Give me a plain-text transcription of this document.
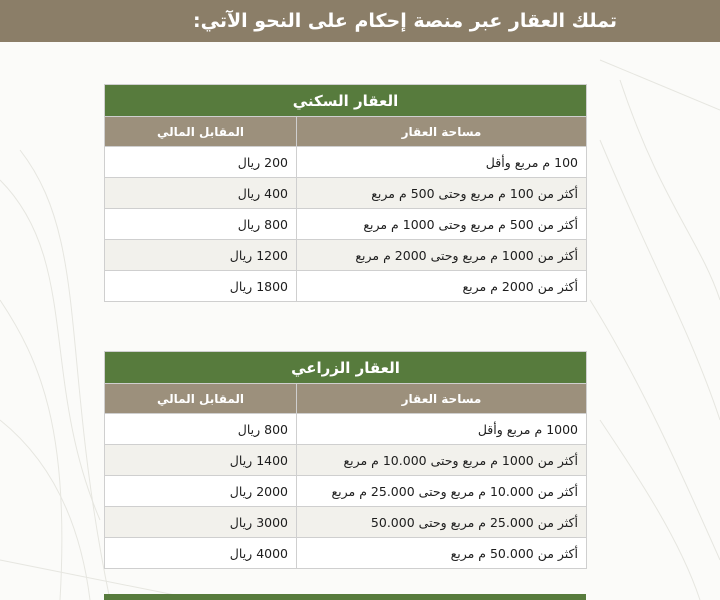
تملك العقار عبر منصة إحكام على النحو الآتي:
العقار السكني	
مساحة العقار	المقابل المالي
100 م مربع وأقل	200 ريال
أكثر من 100 م مربع وحتى 500 م مربع	400 ريال
أكثر من 500 م مربع وحتى 1000 م مربع	800 ريال
أكثر من 1000 م مربع وحتى 2000 م مربع	1200 ريال
أكثر من 2000 م مربع	1800 ريال
العقار الزراعي	
مساحة العقار	المقابل المالي
1000 م مربع وأقل	800 ريال
أكثر من 1000 م مربع وحتى 10.000 م مربع	1400 ريال
أكثر من 10.000 م مربع وحتى 25.000 م مربع	2000 ريال
أكثر من 25.000 م مربع وحتى 50.000	3000 ريال
أكثر من 50.000 م مربع	4000 ريال
